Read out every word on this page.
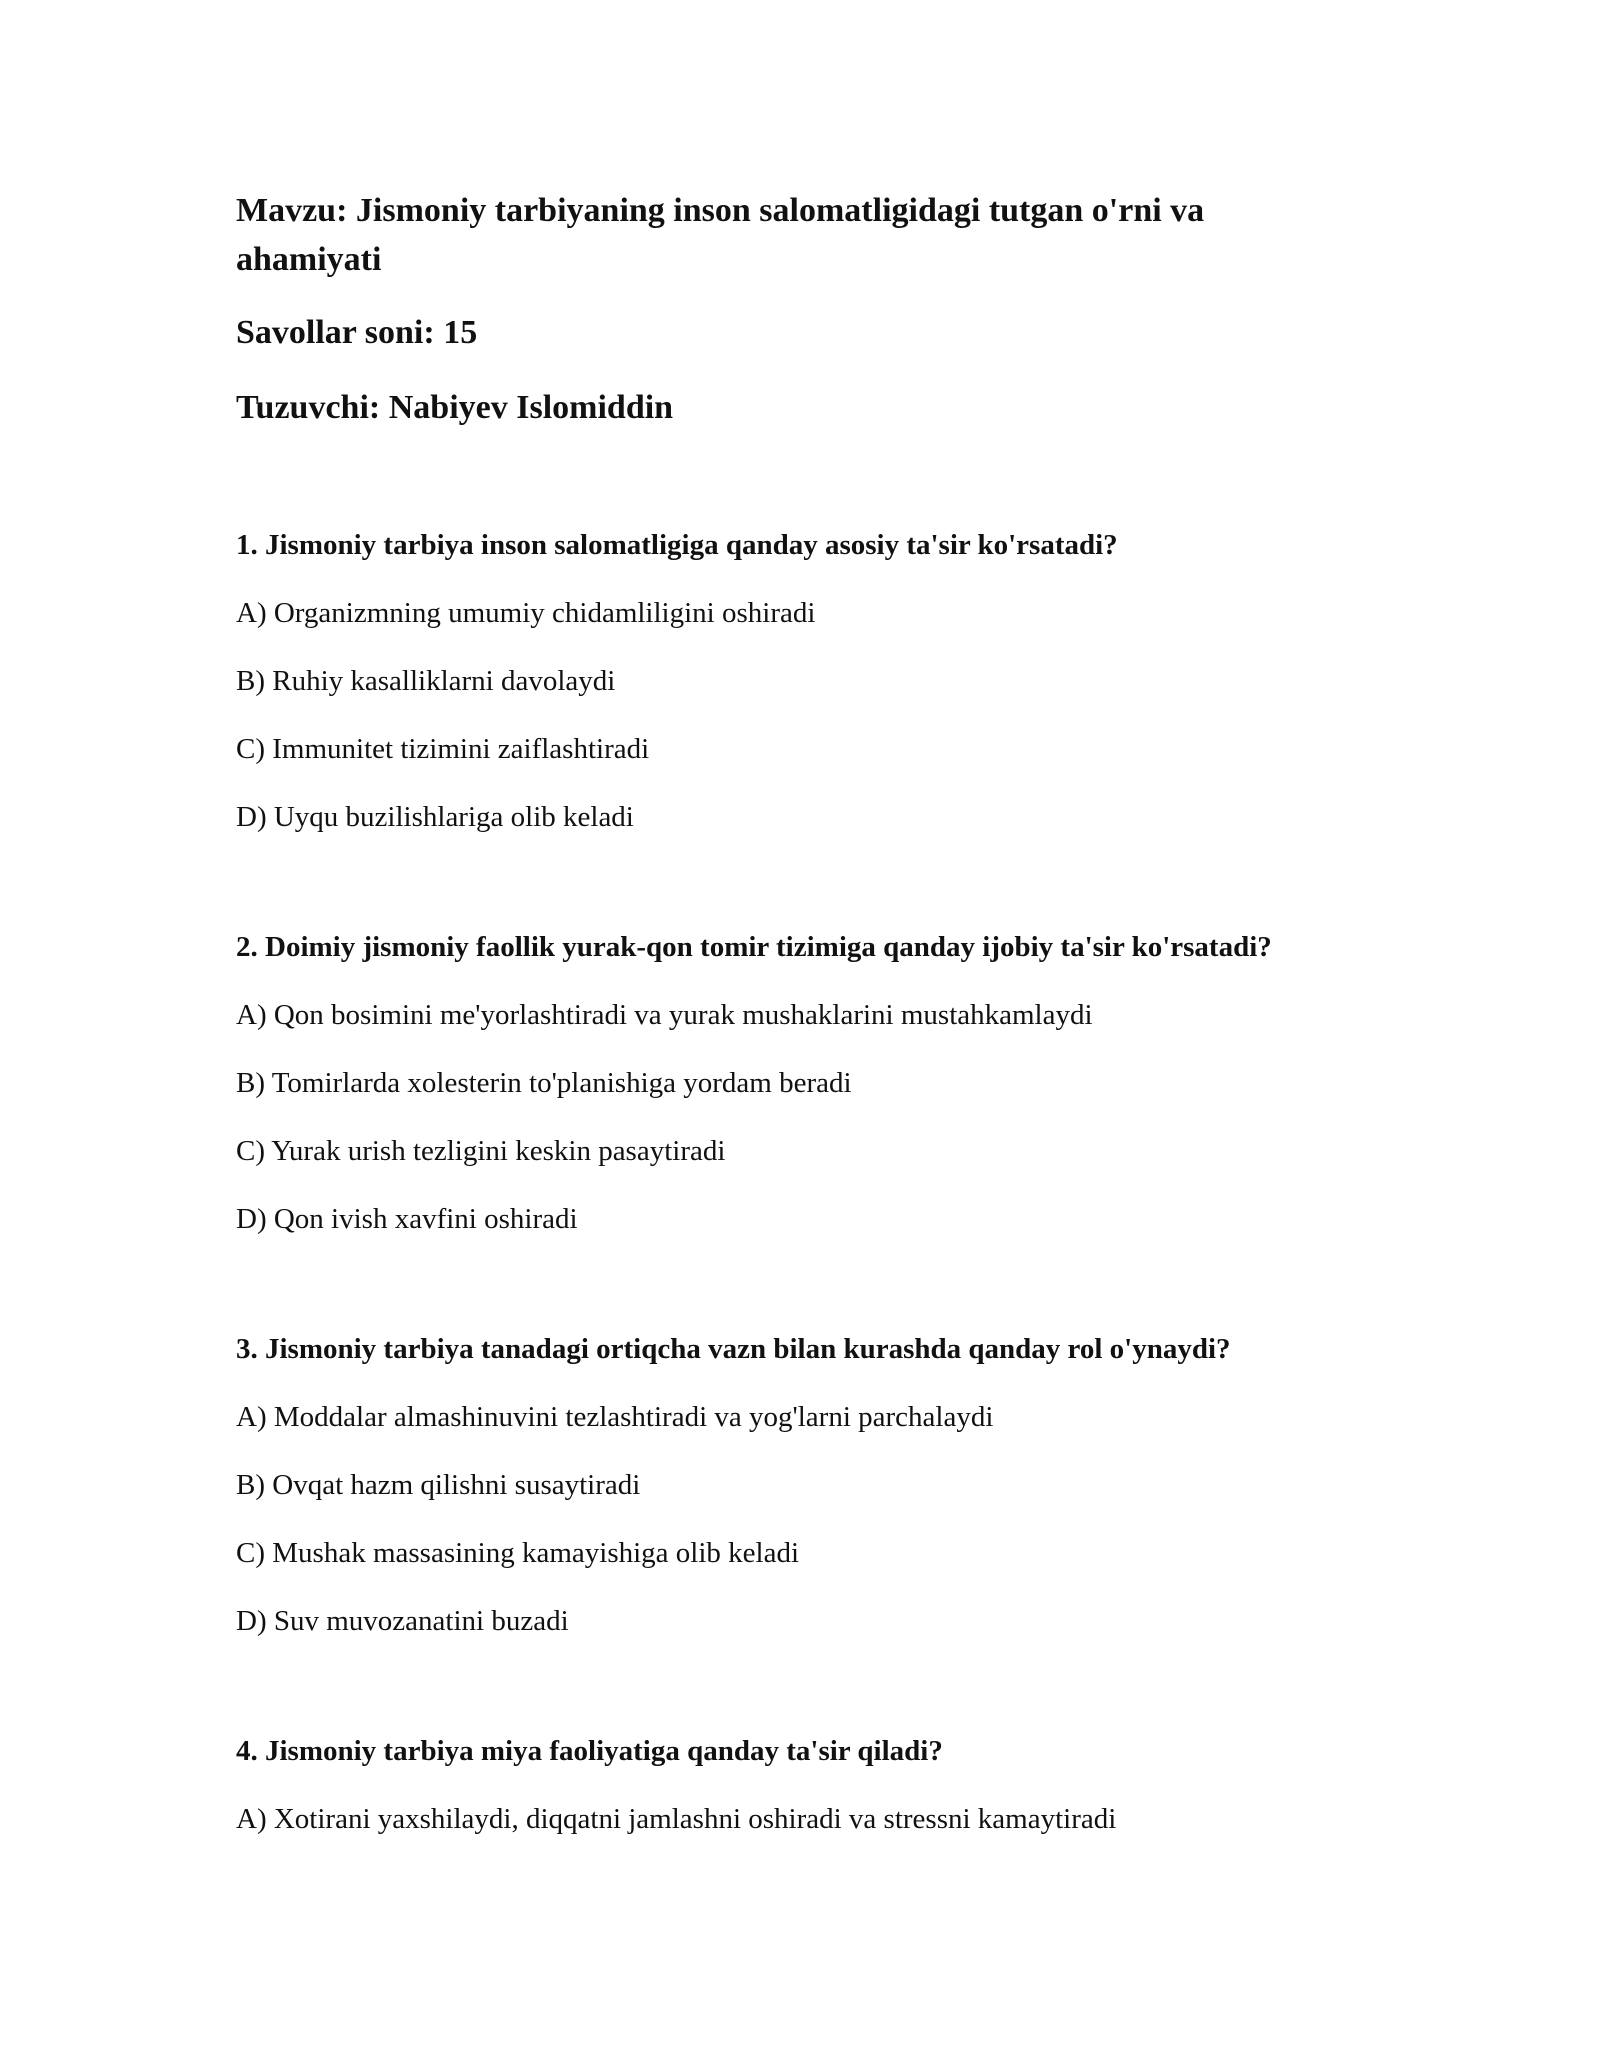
Mavzu: Jismoniy tarbiyaning inson salomatligidagi tutgan o'rni va
ahamiyati
Savollar soni: 15
Tuzuvchi: Nabiyev Islomiddin
1. Jismoniy tarbiya inson salomatligiga qanday asosiy ta'sir ko'rsatadi?
A) Organizmning umumiy chidamliligini oshiradi
B) Ruhiy kasalliklarni davolaydi
C) Immunitet tizimini zaiflashtiradi
D) Uyqu buzilishlariga olib keladi
2. Doimiy jismoniy faollik yurak-qon tomir tizimiga qanday ijobiy ta'sir ko'rsatadi?
A) Qon bosimini me'yorlashtiradi va yurak mushaklarini mustahkamlaydi
B) Tomirlarda xolesterin to'planishiga yordam beradi
C) Yurak urish tezligini keskin pasaytiradi
D) Qon ivish xavfini oshiradi
3. Jismoniy tarbiya tanadagi ortiqcha vazn bilan kurashda qanday rol o'ynaydi?
A) Moddalar almashinuvini tezlashtiradi va yog'larni parchalaydi
B) Ovqat hazm qilishni susaytiradi
C) Mushak massasining kamayishiga olib keladi
D) Suv muvozanatini buzadi
4. Jismoniy tarbiya miya faoliyatiga qanday ta'sir qiladi?
A) Xotirani yaxshilaydi, diqqatni jamlashni oshiradi va stressni kamaytiradi
